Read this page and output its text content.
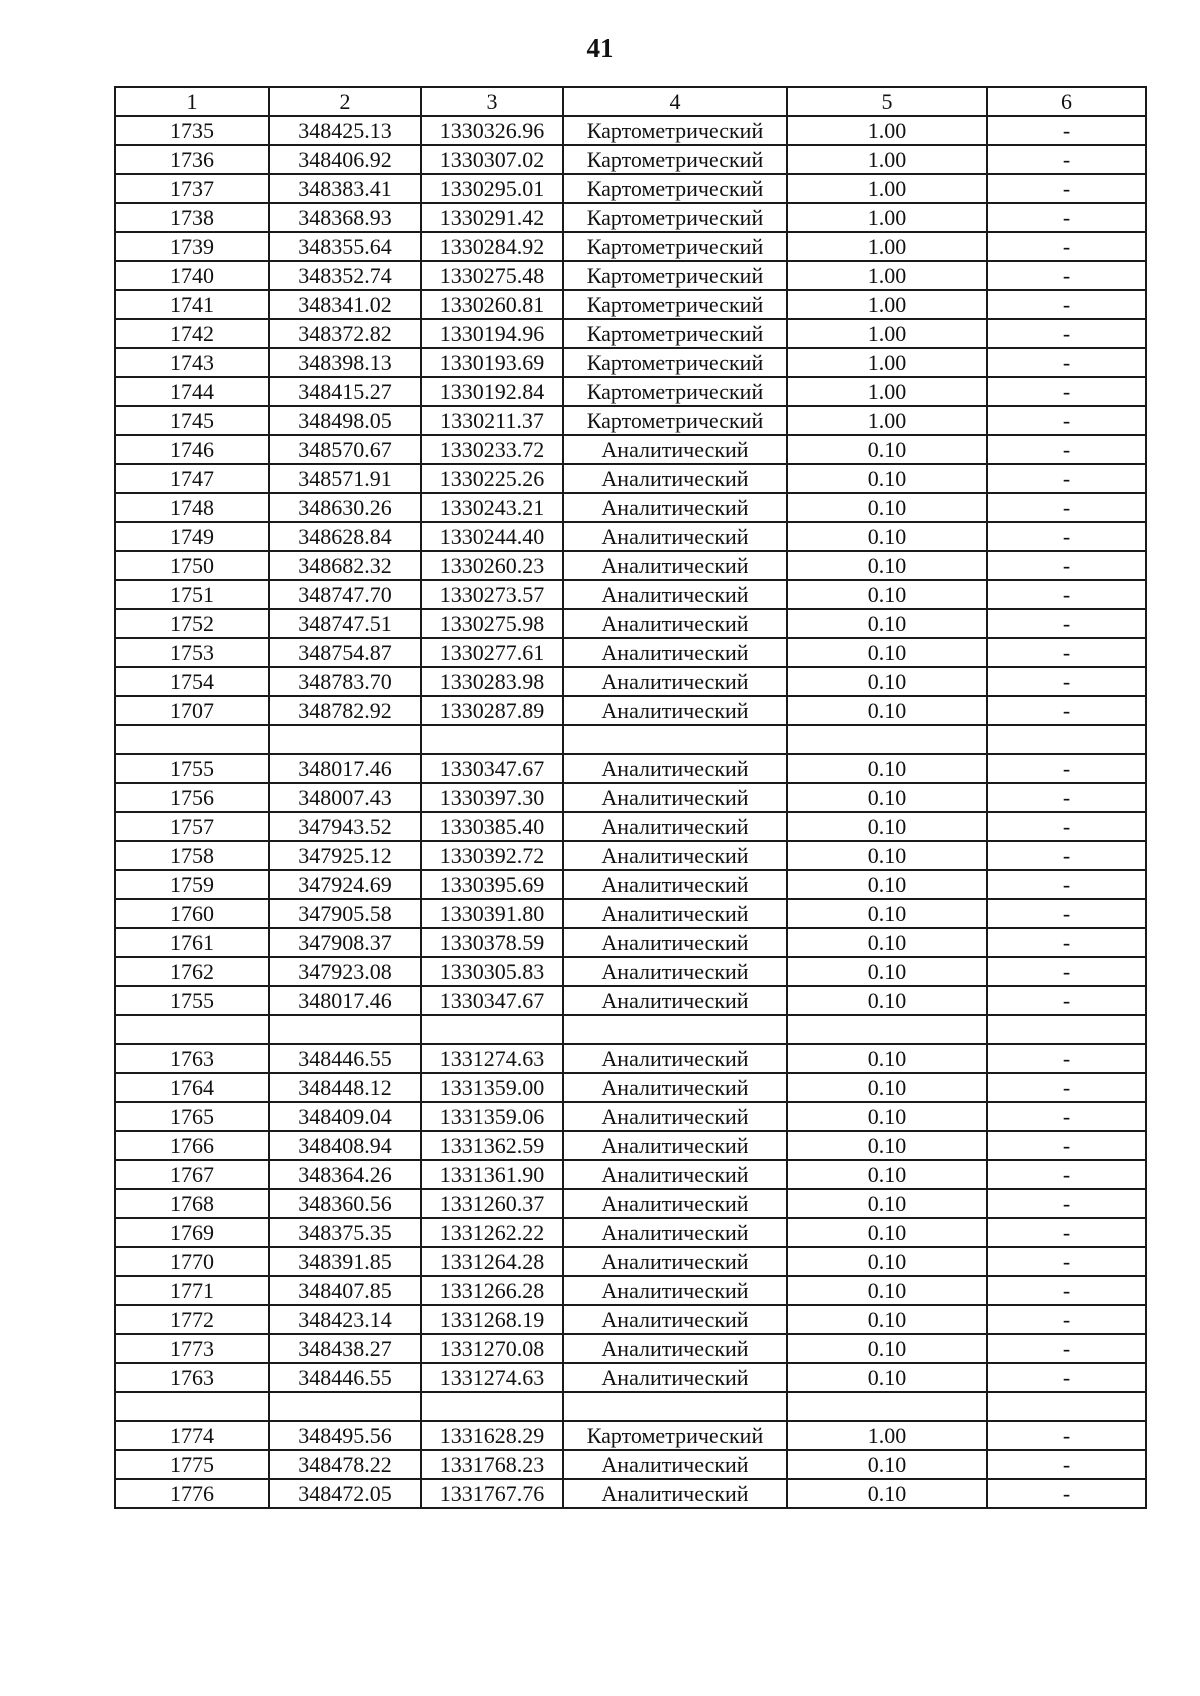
41
1	2	3	4	5	6
1735	348425.13	1330326.96	Картометрический	1.00	-
1736	348406.92	1330307.02	Картометрический	1.00	-
1737	348383.41	1330295.01	Картометрический	1.00	-
1738	348368.93	1330291.42	Картометрический	1.00	-
1739	348355.64	1330284.92	Картометрический	1.00	-
1740	348352.74	1330275.48	Картометрический	1.00	-
1741	348341.02	1330260.81	Картометрический	1.00	-
1742	348372.82	1330194.96	Картометрический	1.00	-
1743	348398.13	1330193.69	Картометрический	1.00	-
1744	348415.27	1330192.84	Картометрический	1.00	-
1745	348498.05	1330211.37	Картометрический	1.00	-
1746	348570.67	1330233.72	Аналитический	0.10	-
1747	348571.91	1330225.26	Аналитический	0.10	-
1748	348630.26	1330243.21	Аналитический	0.10	-
1749	348628.84	1330244.40	Аналитический	0.10	-
1750	348682.32	1330260.23	Аналитический	0.10	-
1751	348747.70	1330273.57	Аналитический	0.10	-
1752	348747.51	1330275.98	Аналитический	0.10	-
1753	348754.87	1330277.61	Аналитический	0.10	-
1754	348783.70	1330283.98	Аналитический	0.10	-
1707	348782.92	1330287.89	Аналитический	0.10	-

1755	348017.46	1330347.67	Аналитический	0.10	-
1756	348007.43	1330397.30	Аналитический	0.10	-
1757	347943.52	1330385.40	Аналитический	0.10	-
1758	347925.12	1330392.72	Аналитический	0.10	-
1759	347924.69	1330395.69	Аналитический	0.10	-
1760	347905.58	1330391.80	Аналитический	0.10	-
1761	347908.37	1330378.59	Аналитический	0.10	-
1762	347923.08	1330305.83	Аналитический	0.10	-
1755	348017.46	1330347.67	Аналитический	0.10	-

1763	348446.55	1331274.63	Аналитический	0.10	-
1764	348448.12	1331359.00	Аналитический	0.10	-
1765	348409.04	1331359.06	Аналитический	0.10	-
1766	348408.94	1331362.59	Аналитический	0.10	-
1767	348364.26	1331361.90	Аналитический	0.10	-
1768	348360.56	1331260.37	Аналитический	0.10	-
1769	348375.35	1331262.22	Аналитический	0.10	-
1770	348391.85	1331264.28	Аналитический	0.10	-
1771	348407.85	1331266.28	Аналитический	0.10	-
1772	348423.14	1331268.19	Аналитический	0.10	-
1773	348438.27	1331270.08	Аналитический	0.10	-
1763	348446.55	1331274.63	Аналитический	0.10	-

1774	348495.56	1331628.29	Картометрический	1.00	-
1775	348478.22	1331768.23	Аналитический	0.10	-
1776	348472.05	1331767.76	Аналитический	0.10	-
